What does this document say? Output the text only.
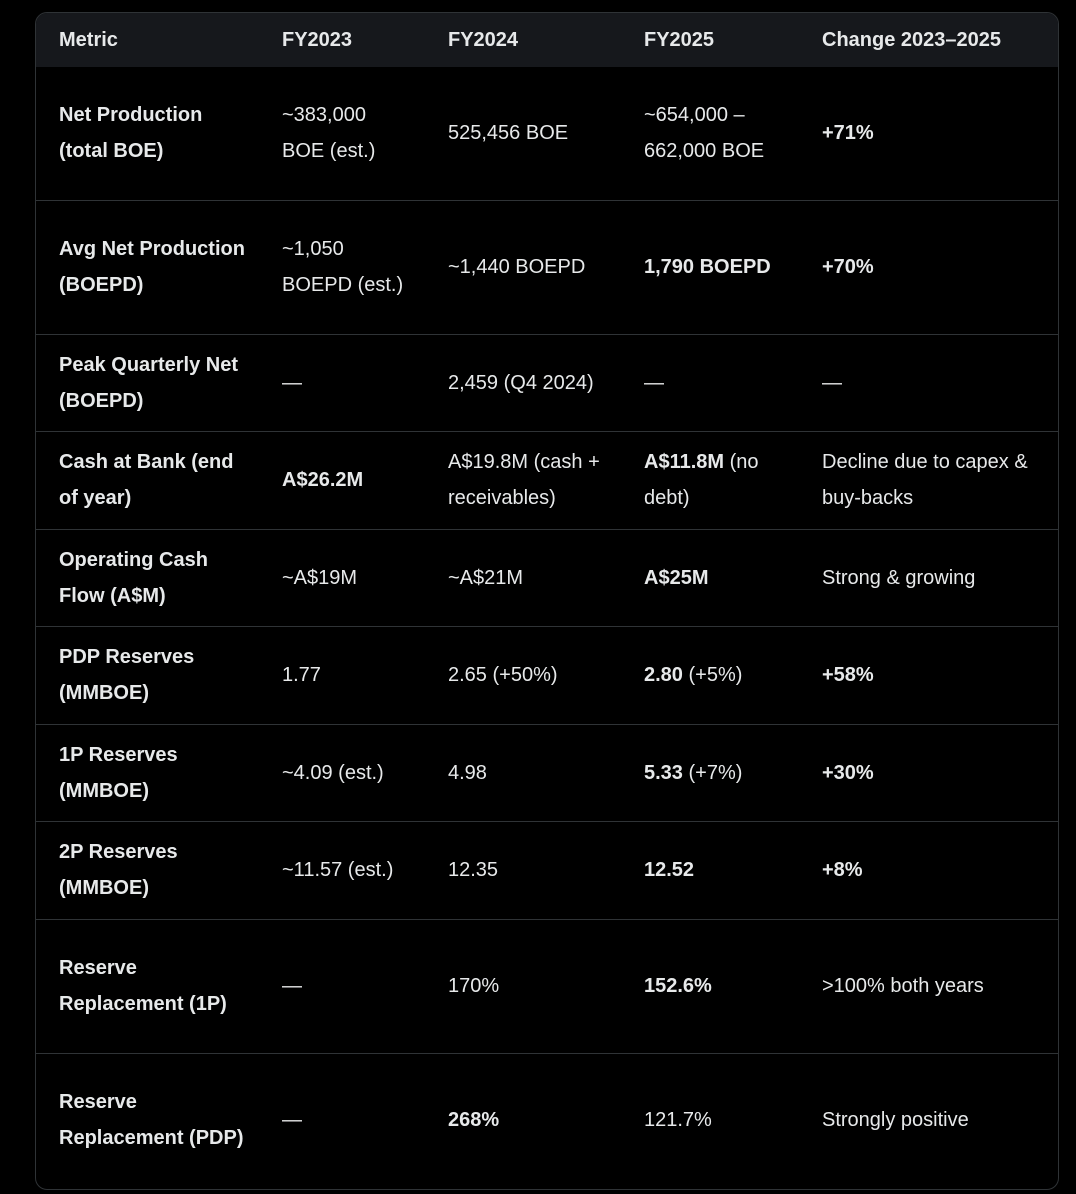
Metric	FY2023	FY2024	FY2025	Change 2023–2025
Net Production (total BOE)	~383,000 BOE (est.)	525,456 BOE	~654,000 – 662,000 BOE	+71%
Avg Net Production (BOEPD)	~1,050 BOEPD (est.)	~1,440 BOEPD	1,790 BOEPD	+70%
Peak Quarterly Net (BOEPD)	—	2,459 (Q4 2024)	—	—
Cash at Bank (end of year)	A$26.2M	A$19.8M (cash + receivables)	A$11.8M (no debt)	Decline due to capex & buy-backs
Operating Cash Flow (A$M)	~A$19M	~A$21M	A$25M	Strong & growing
PDP Reserves (MMBOE)	1.77	2.65 (+50%)	2.80 (+5%)	+58%
1P Reserves (MMBOE)	~4.09 (est.)	4.98	5.33 (+7%)	+30%
2P Reserves (MMBOE)	~11.57 (est.)	12.35	12.52	+8%
Reserve Replacement (1P)	—	170%	152.6%	>100% both years
Reserve Replacement (PDP)	—	268%	121.7%	Strongly positive
